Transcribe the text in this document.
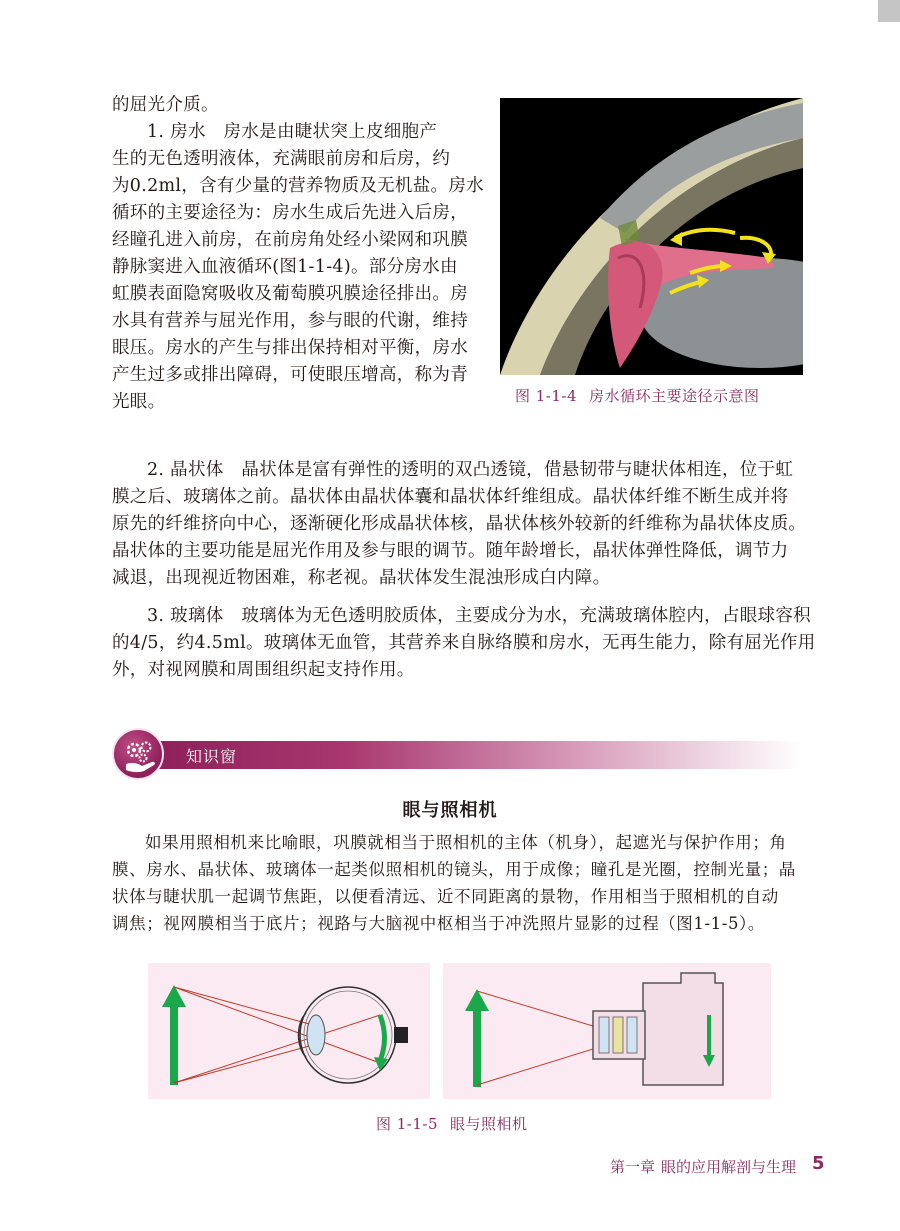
的屈光介质。
1. 房水　房水是由睫状突上皮细胞产
生的无色透明液体，充满眼前房和后房，约
为0.2ml，含有少量的营养物质及无机盐。房水
循环的主要途径为：房水生成后先进入后房，
经瞳孔进入前房，在前房角处经小梁网和巩膜
静脉窦进入血液循环(图1-1-4)。部分房水由
虹膜表面隐窝吸收及葡萄膜巩膜途径排出。房
水具有营养与屈光作用，参与眼的代谢，维持
眼压。房水的产生与排出保持相对平衡，房水
产生过多或排出障碍，可使眼压增高，称为青
光眼。	图 1-1-4 房水循环主要途径示意图
2. 晶状体　晶状体是富有弹性的透明的双凸透镜，借悬韧带与睫状体相连，位于虹
膜之后、玻璃体之前。晶状体由晶状体囊和晶状体纤维组成。晶状体纤维不断生成并将
原先的纤维挤向中心，逐渐硬化形成晶状体核，晶状体核外较新的纤维称为晶状体皮质。
晶状体的主要功能是屈光作用及参与眼的调节。随年龄增长，晶状体弹性降低，调节力
减退，出现视近物困难，称老视。晶状体发生混浊形成白内障。
3. 玻璃体　玻璃体为无色透明胶质体，主要成分为水，充满玻璃体腔内，占眼球容积
的4/5，约4.5ml。玻璃体无血管，其营养来自脉络膜和房水，无再生能力，除有屈光作用
外，对视网膜和周围组织起支持作用。
知识窗
眼与照相机
如果用照相机来比喻眼，巩膜就相当于照相机的主体（机身），起遮光与保护作用；角
膜、房水、晶状体、玻璃体一起类似照相机的镜头，用于成像；瞳孔是光圈，控制光量；晶
状体与睫状肌一起调节焦距，以便看清远、近不同距离的景物，作用相当于照相机的自动
调焦；视网膜相当于底片；视路与大脑视中枢相当于冲洗照片显影的过程（图1-1-5）。
图 1-1-5 眼与照相机
第一章 眼的应用解剖与生理 5
